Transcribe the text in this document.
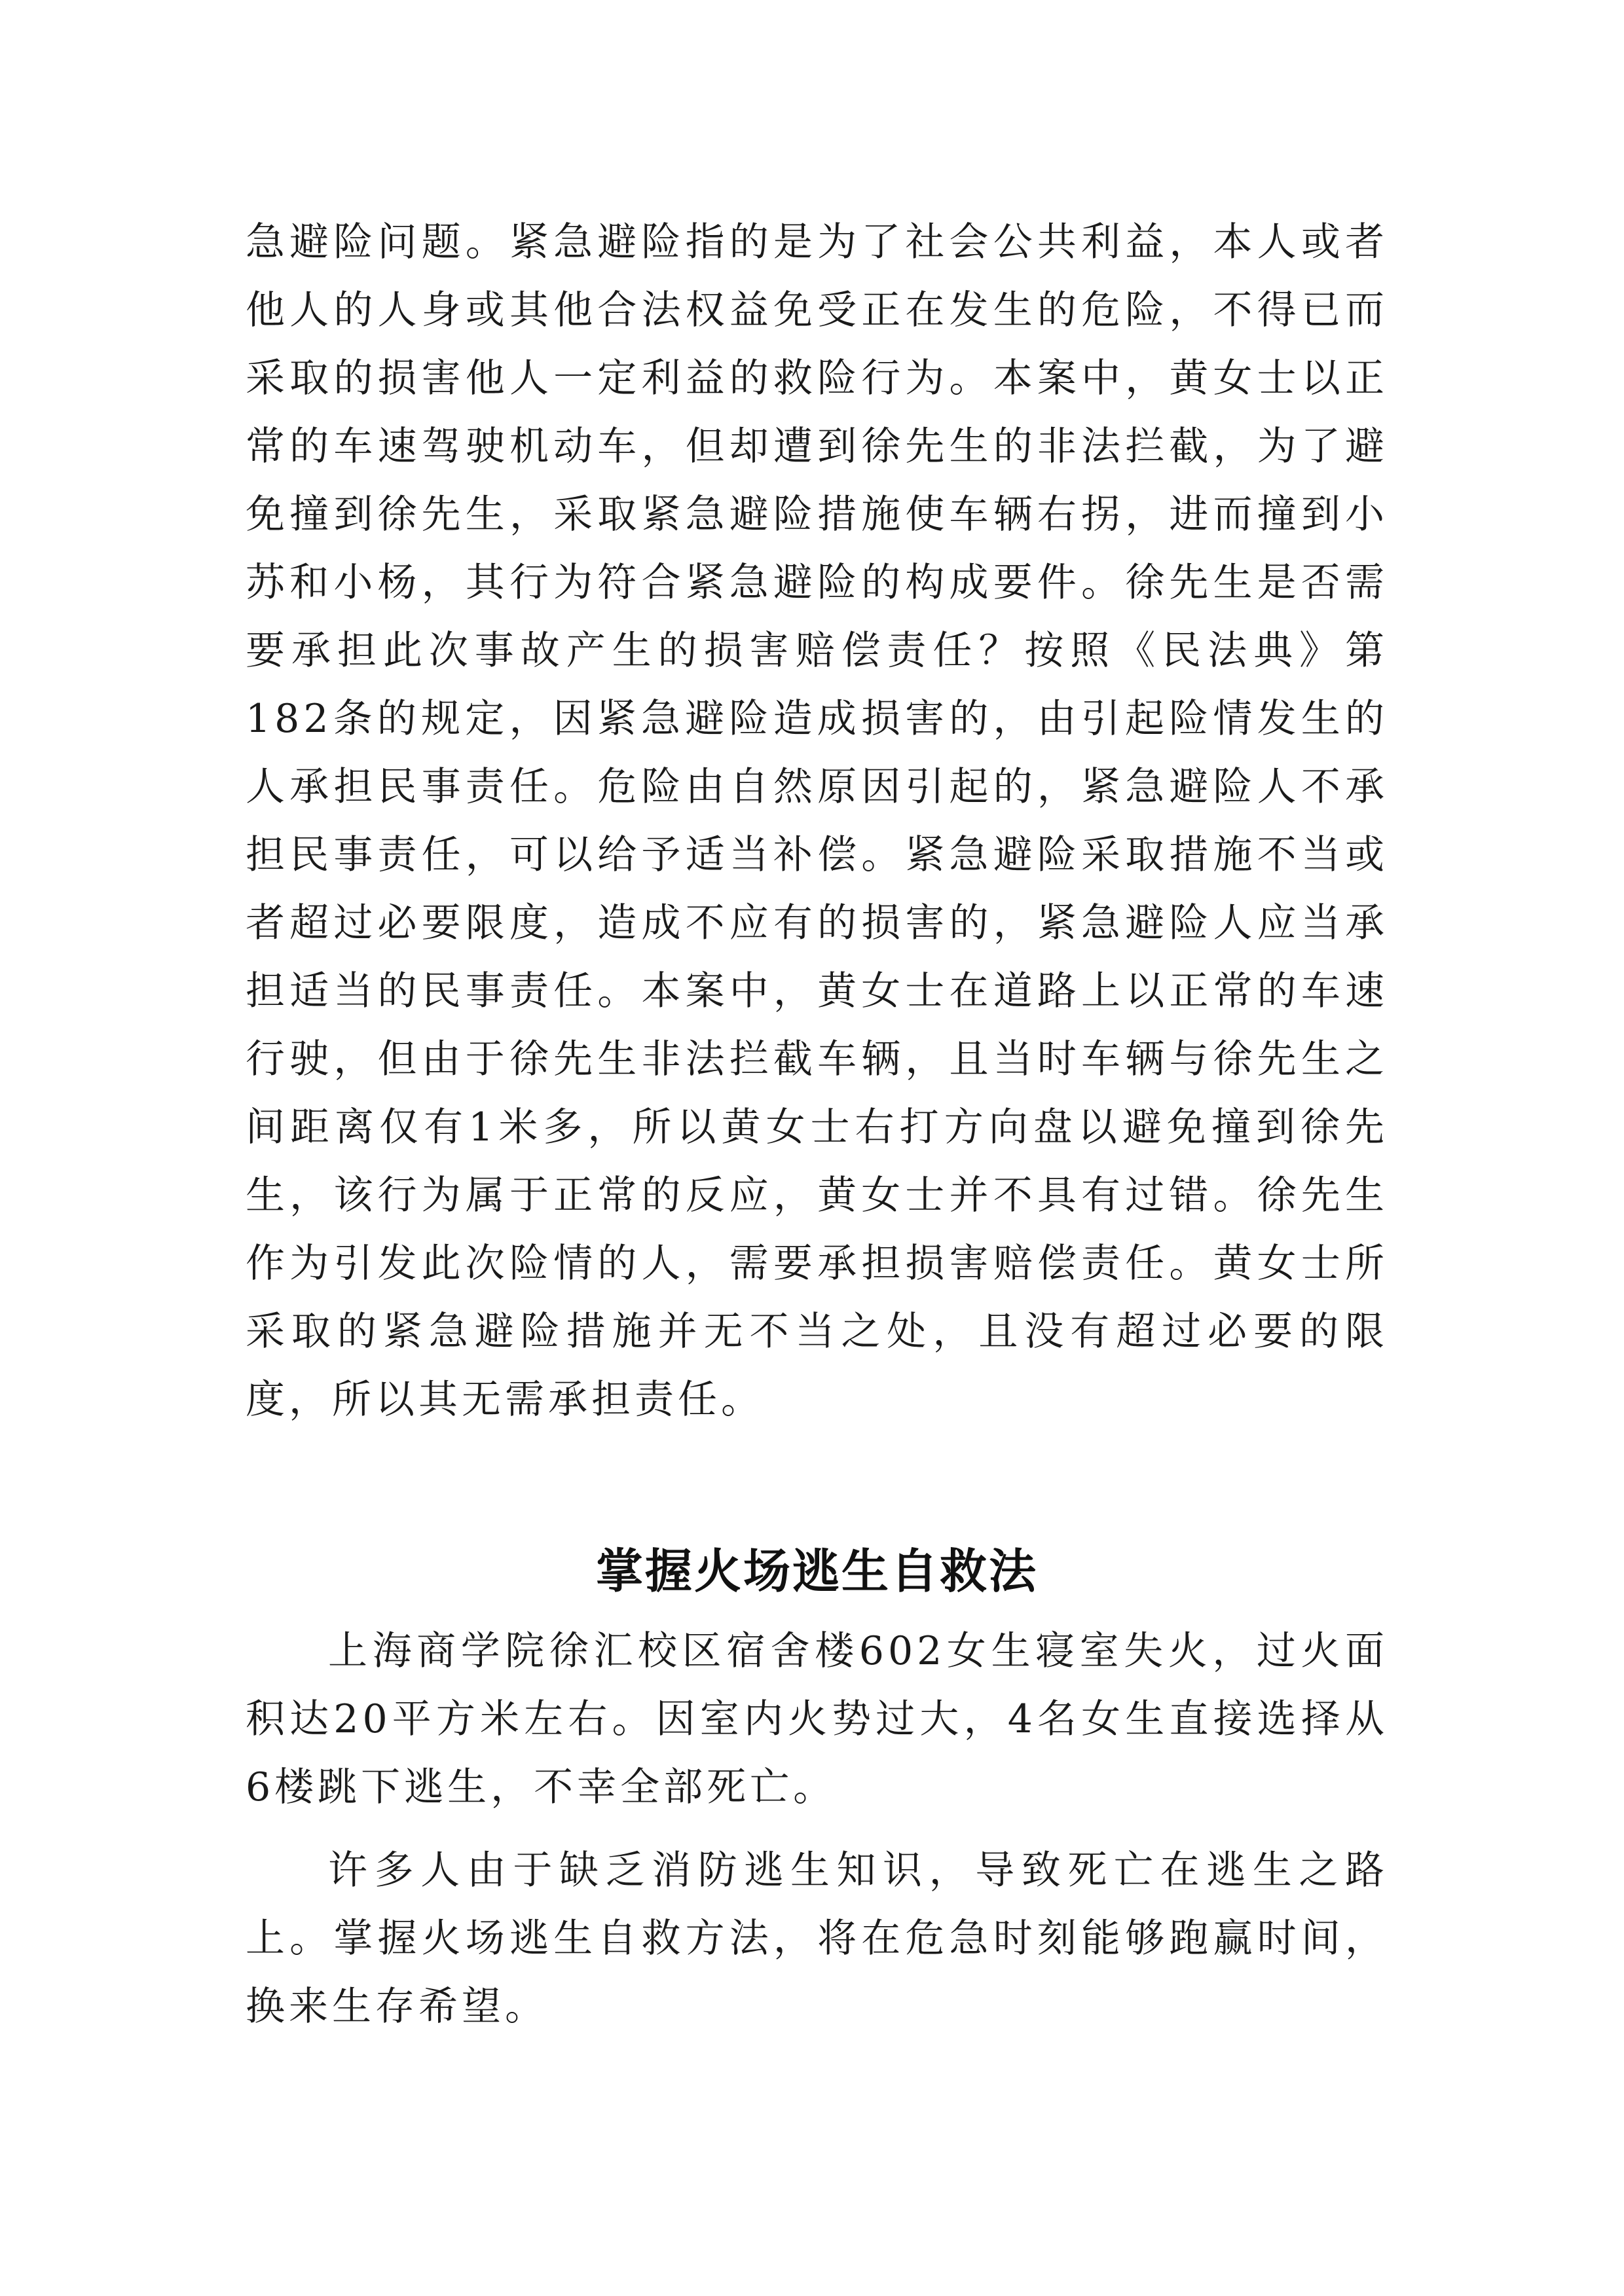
急避险问题。紧急避险指的是为了社会公共利益，本人或者他人的人身或其他合法权益免受正在发生的危险，不得已而采取的损害他人一定利益的救险行为。本案中，黄女士以正常的车速驾驶机动车，但却遭到徐先生的非法拦截，为了避免撞到徐先生，采取紧急避险措施使车辆右拐，进而撞到小苏和小杨，其行为符合紧急避险的构成要件。徐先生是否需要承担此次事故产生的损害赔偿责任？按照《民法典》第182条的规定，因紧急避险造成损害的，由引起险情发生的人承担民事责任。危险由自然原因引起的，紧急避险人不承担民事责任，可以给予适当补偿。紧急避险采取措施不当或者超过必要限度，造成不应有的损害的，紧急避险人应当承担适当的民事责任。本案中，黄女士在道路上以正常的车速行驶，但由于徐先生非法拦截车辆，且当时车辆与徐先生之间距离仅有1米多，所以黄女士右打方向盘以避免撞到徐先生，该行为属于正常的反应，黄女士并不具有过错。徐先生作为引发此次险情的人，需要承担损害赔偿责任。黄女士所采取的紧急避险措施并无不当之处，且没有超过必要的限度，所以其无需承担责任。

掌握火场逃生自救法

上海商学院徐汇校区宿舍楼602女生寝室失火，过火面积达20平方米左右。因室内火势过大，4名女生直接选择从6楼跳下逃生，不幸全部死亡。

许多人由于缺乏消防逃生知识，导致死亡在逃生之路上。掌握火场逃生自救方法，将在危急时刻能够跑赢时间，换来生存希望。
